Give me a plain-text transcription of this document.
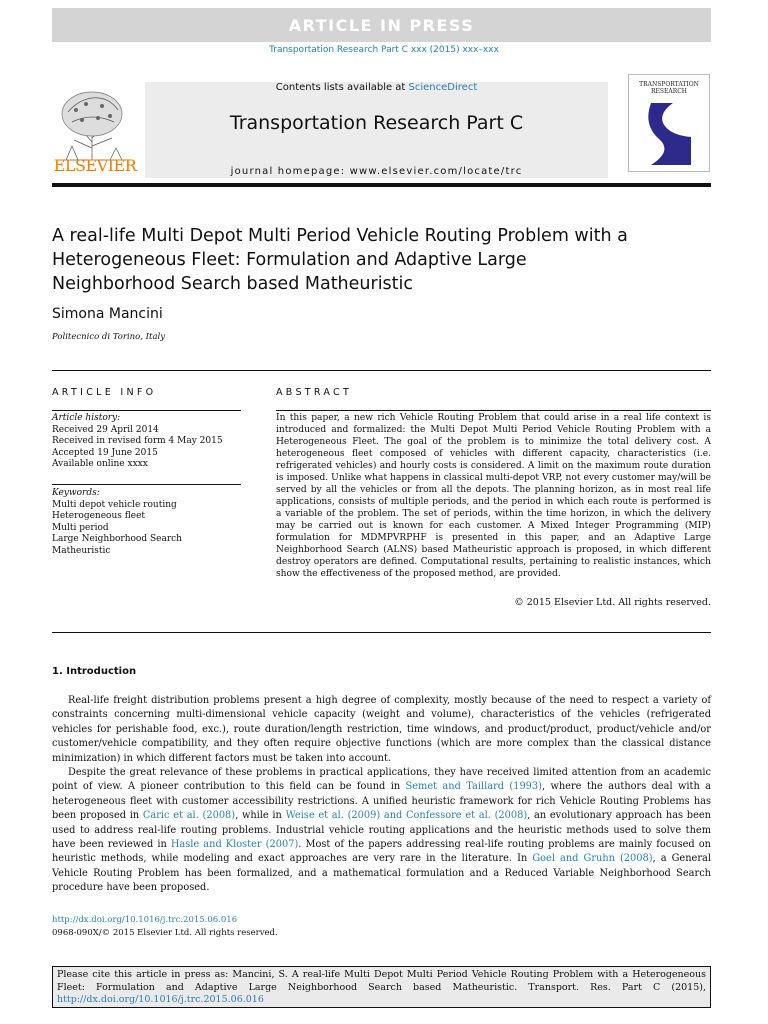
ARTICLE IN PRESS
Transportation Research Part C xxx (2015) xxx–xxx
ELSEVIER
Contents lists available at ScienceDirect
Transportation Research Part C
journal homepage: www.elsevier.com/locate/trc
TRANSPORTATION RESEARCH
A real-life Multi Depot Multi Period Vehicle Routing Problem with a Heterogeneous Fleet: Formulation and Adaptive Large Neighborhood Search based Matheuristic
Simona Mancini
Politecnico di Torino, Italy
ARTICLE INFO	ABSTRACT
Article history:
Received 29 April 2014
Received in revised form 4 May 2015
Accepted 19 June 2015
Available online xxxx
Keywords:
Multi depot vehicle routing
Heterogeneous fleet
Multi period
Large Neighborhood Search
Matheuristic
In this paper, a new rich Vehicle Routing Problem that could arise in a real life context is introduced and formalized: the Multi Depot Multi Period Vehicle Routing Problem with a Heterogeneous Fleet. The goal of the problem is to minimize the total delivery cost. A heterogeneous fleet composed of vehicles with different capacity, characteristics (i.e. refrigerated vehicles) and hourly costs is considered. A limit on the maximum route duration is imposed. Unlike what happens in classical multi-depot VRP, not every customer may/will be served by all the vehicles or from all the depots. The planning horizon, as in most real life applications, consists of multiple periods, and the period in which each route is performed is a variable of the problem. The set of periods, within the time horizon, in which the delivery may be carried out is known for each customer. A Mixed Integer Programming (MIP) formulation for MDMPVRPHF is presented in this paper, and an Adaptive Large Neighborhood Search (ALNS) based Matheuristic approach is proposed, in which different destroy operators are defined. Computational results, pertaining to realistic instances, which show the effectiveness of the proposed method, are provided.
© 2015 Elsevier Ltd. All rights reserved.
1. Introduction

Real-life freight distribution problems present a high degree of complexity, mostly because of the need to respect a variety of constraints concerning multi-dimensional vehicle capacity (weight and volume), characteristics of the vehicles (refrigerated vehicles for perishable food, exc.), route duration/length restriction, time windows, and product/product, product/vehicle and/or customer/vehicle compatibility, and they often require objective functions (which are more complex than the classical distance minimization) in which different factors must be taken into account.

Despite the great relevance of these problems in practical applications, they have received limited attention from an academic point of view. A pioneer contribution to this field can be found in Semet and Taillard (1993), where the authors deal with a heterogeneous fleet with customer accessibility restrictions. A unified heuristic framework for rich Vehicle Routing Problems has been proposed in Caric et al. (2008), while in Weise et al. (2009) and Confessore et al. (2008), an evolutionary approach has been used to address real-life routing problems. Industrial vehicle routing applications and the heuristic methods used to solve them have been reviewed in Hasle and Kloster (2007). Most of the papers addressing real-life routing problems are mainly focused on heuristic methods, while modeling and exact approaches are very rare in the literature. In Goel and Gruhn (2008), a General Vehicle Routing Problem has been formalized, and a mathematical formulation and a Reduced Variable Neighborhood Search procedure have been proposed.

http://dx.doi.org/10.1016/j.trc.2015.06.016
0968-090X/© 2015 Elsevier Ltd. All rights reserved.
Please cite this article in press as: Mancini, S. A real-life Multi Depot Multi Period Vehicle Routing Problem with a Heterogeneous Fleet: Formulation and Adaptive Large Neighborhood Search based Matheuristic. Transport. Res. Part C (2015), http://dx.doi.org/10.1016/j.trc.2015.06.016
